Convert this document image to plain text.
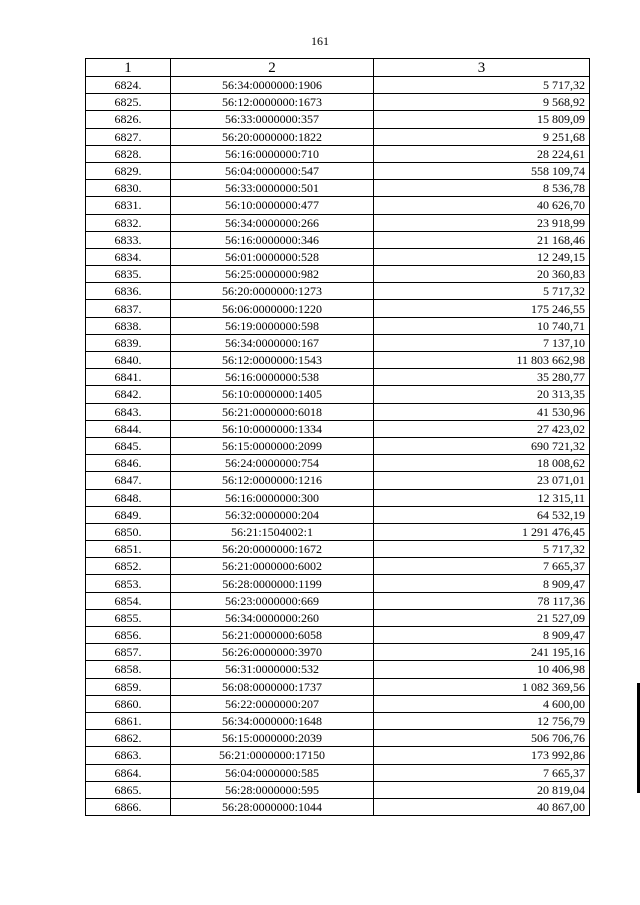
161
1	2	3
6824.	56:34:0000000:1906	5 717,32
6825.	56:12:0000000:1673	9 568,92
6826.	56:33:0000000:357	15 809,09
6827.	56:20:0000000:1822	9 251,68
6828.	56:16:0000000:710	28 224,61
6829.	56:04:0000000:547	558 109,74
6830.	56:33:0000000:501	8 536,78
6831.	56:10:0000000:477	40 626,70
6832.	56:34:0000000:266	23 918,99
6833.	56:16:0000000:346	21 168,46
6834.	56:01:0000000:528	12 249,15
6835.	56:25:0000000:982	20 360,83
6836.	56:20:0000000:1273	5 717,32
6837.	56:06:0000000:1220	175 246,55
6838.	56:19:0000000:598	10 740,71
6839.	56:34:0000000:167	7 137,10
6840.	56:12:0000000:1543	11 803 662,98
6841.	56:16:0000000:538	35 280,77
6842.	56:10:0000000:1405	20 313,35
6843.	56:21:0000000:6018	41 530,96
6844.	56:10:0000000:1334	27 423,02
6845.	56:15:0000000:2099	690 721,32
6846.	56:24:0000000:754	18 008,62
6847.	56:12:0000000:1216	23 071,01
6848.	56:16:0000000:300	12 315,11
6849.	56:32:0000000:204	64 532,19
6850.	56:21:1504002:1	1 291 476,45
6851.	56:20:0000000:1672	5 717,32
6852.	56:21:0000000:6002	7 665,37
6853.	56:28:0000000:1199	8 909,47
6854.	56:23:0000000:669	78 117,36
6855.	56:34:0000000:260	21 527,09
6856.	56:21:0000000:6058	8 909,47
6857.	56:26:0000000:3970	241 195,16
6858.	56:31:0000000:532	10 406,98
6859.	56:08:0000000:1737	1 082 369,56
6860.	56:22:0000000:207	4 600,00
6861.	56:34:0000000:1648	12 756,79
6862.	56:15:0000000:2039	506 706,76
6863.	56:21:0000000:17150	173 992,86
6864.	56:04:0000000:585	7 665,37
6865.	56:28:0000000:595	20 819,04
6866.	56:28:0000000:1044	40 867,00
